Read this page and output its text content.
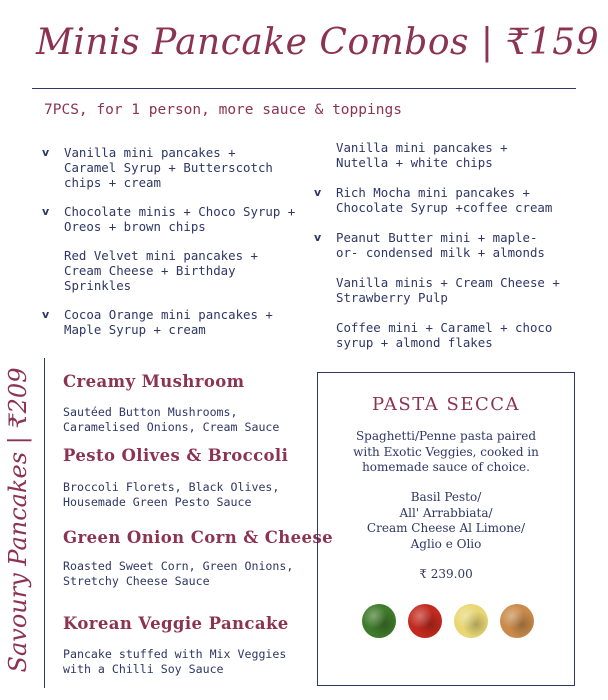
Minis Pancake Combos | ₹159
7PCS, for 1 person, more sauce & toppings
v Vanilla mini pancakes +
Caramel Syrup + Butterscotch
chips + cream
v Chocolate minis + Choco Syrup +
Oreos + brown chips
Red Velvet mini pancakes +
Cream Cheese + Birthday
Sprinkles
v Cocoa Orange mini pancakes +
Maple Syrup + cream
Vanilla mini pancakes +
Nutella + white chips
v Rich Mocha mini pancakes +
Chocolate Syrup +coffee cream
v Peanut Butter mini + maple-
or- condensed milk + almonds
Vanilla minis + Cream Cheese +
Strawberry Pulp
Coffee mini + Caramel + choco
syrup + almond flakes
Savoury Pancakes | ₹209 Creamy Mushroom
Sautéed Button Mushrooms,
Caramelised Onions, Cream Sauce
Pesto Olives & Broccoli
Broccoli Florets, Black Olives,
Housemade Green Pesto Sauce
Green Onion Corn & Cheese
Roasted Sweet Corn, Green Onions,
Stretchy Cheese Sauce
Korean Veggie Pancake
Pancake stuffed with Mix Veggies
with a Chilli Soy Sauce
PASTA SECCA
Spaghetti/Penne pasta paired
with Exotic Veggies, cooked in
homemade sauce of choice.
Basil Pesto/
All' Arrabbiata/
Cream Cheese Al Limone/
Aglio e Olio
₹ 239.00
